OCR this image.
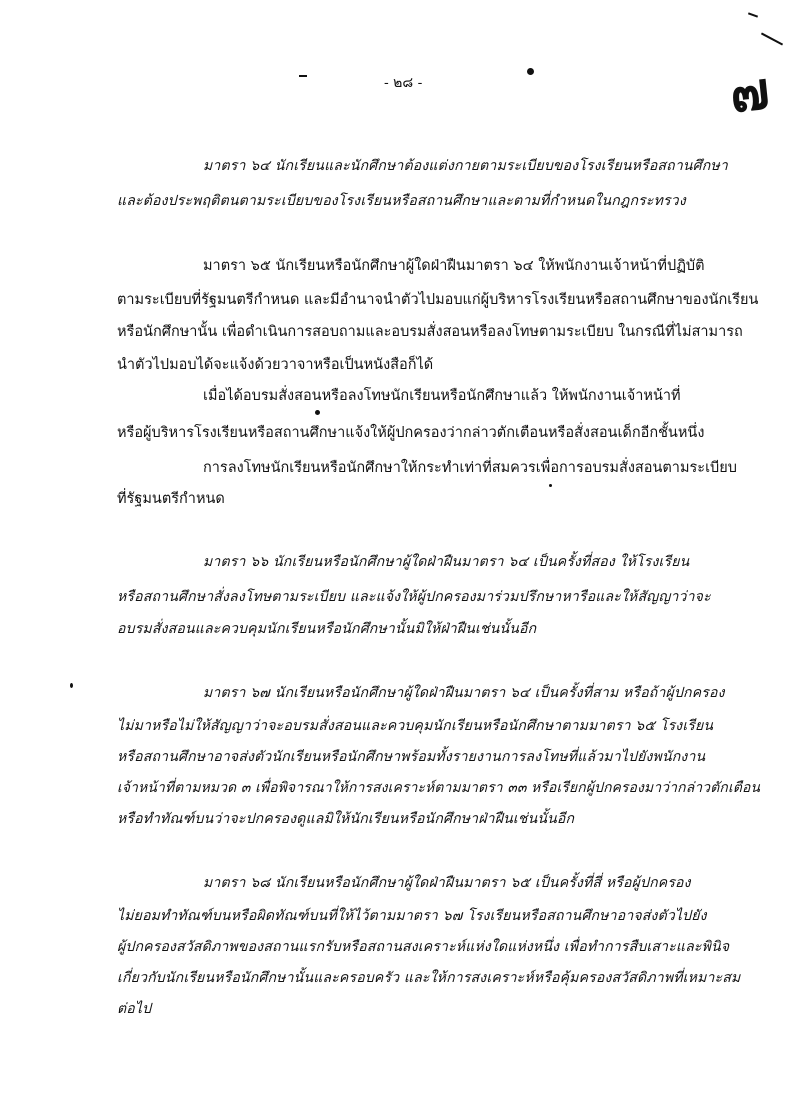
- ๒๘ -	๗
มาตรา ๖๔ นักเรียนและนักศึกษาต้องแต่งกายตามระเบียบของโรงเรียนหรือสถานศึกษา
และต้องประพฤติตนตามระเบียบของโรงเรียนหรือสถานศึกษาและตามที่กำหนดในกฎกระทรวง
มาตรา ๖๕ นักเรียนหรือนักศึกษาผู้ใดฝ่าฝืนมาตรา ๖๔ ให้พนักงานเจ้าหน้าที่ปฏิบัติ
ตามระเบียบที่รัฐมนตรีกำหนด และมีอำนาจนำตัวไปมอบแก่ผู้บริหารโรงเรียนหรือสถานศึกษาของนักเรียน
หรือนักศึกษานั้น เพื่อดำเนินการสอบถามและอบรมสั่งสอนหรือลงโทษตามระเบียบ ในกรณีที่ไม่สามารถ
นำตัวไปมอบได้จะแจ้งด้วยวาจาหรือเป็นหนังสือก็ได้
เมื่อได้อบรมสั่งสอนหรือลงโทษนักเรียนหรือนักศึกษาแล้ว ให้พนักงานเจ้าหน้าที่
หรือผู้บริหารโรงเรียนหรือสถานศึกษาแจ้งให้ผู้ปกครองว่ากล่าวตักเตือนหรือสั่งสอนเด็กอีกชั้นหนึ่ง
การลงโทษนักเรียนหรือนักศึกษาให้กระทำเท่าที่สมควรเพื่อการอบรมสั่งสอนตามระเบียบ
ที่รัฐมนตรีกำหนด
มาตรา ๖๖ นักเรียนหรือนักศึกษาผู้ใดฝ่าฝืนมาตรา ๖๔ เป็นครั้งที่สอง ให้โรงเรียน
หรือสถานศึกษาสั่งลงโทษตามระเบียบ และแจ้งให้ผู้ปกครองมาร่วมปรึกษาหารือและให้สัญญาว่าจะ
อบรมสั่งสอนและควบคุมนักเรียนหรือนักศึกษานั้นมิให้ฝ่าฝืนเช่นนั้นอีก
มาตรา ๖๗ นักเรียนหรือนักศึกษาผู้ใดฝ่าฝืนมาตรา ๖๔ เป็นครั้งที่สาม หรือถ้าผู้ปกครอง
ไม่มาหรือไม่ให้สัญญาว่าจะอบรมสั่งสอนและควบคุมนักเรียนหรือนักศึกษาตามมาตรา ๖๕ โรงเรียน
หรือสถานศึกษาอาจส่งตัวนักเรียนหรือนักศึกษาพร้อมทั้งรายงานการลงโทษที่แล้วมาไปยังพนักงาน
เจ้าหน้าที่ตามหมวด ๓ เพื่อพิจารณาให้การสงเคราะห์ตามมาตรา ๓๓ หรือเรียกผู้ปกครองมาว่ากล่าวตักเตือน
หรือทำทัณฑ์บนว่าจะปกครองดูแลมิให้นักเรียนหรือนักศึกษาฝ่าฝืนเช่นนั้นอีก
มาตรา ๖๘ นักเรียนหรือนักศึกษาผู้ใดฝ่าฝืนมาตรา ๖๕ เป็นครั้งที่สี่ หรือผู้ปกครอง
ไม่ยอมทำทัณฑ์บนหรือผิดทัณฑ์บนที่ให้ไว้ตามมาตรา ๖๗ โรงเรียนหรือสถานศึกษาอาจส่งตัวไปยัง
ผู้ปกครองสวัสดิภาพของสถานแรกรับหรือสถานสงเคราะห์แห่งใดแห่งหนึ่ง เพื่อทำการสืบเสาะและพินิจ
เกี่ยวกับนักเรียนหรือนักศึกษานั้นและครอบครัว และให้การสงเคราะห์หรือคุ้มครองสวัสดิภาพที่เหมาะสม
ต่อไป
